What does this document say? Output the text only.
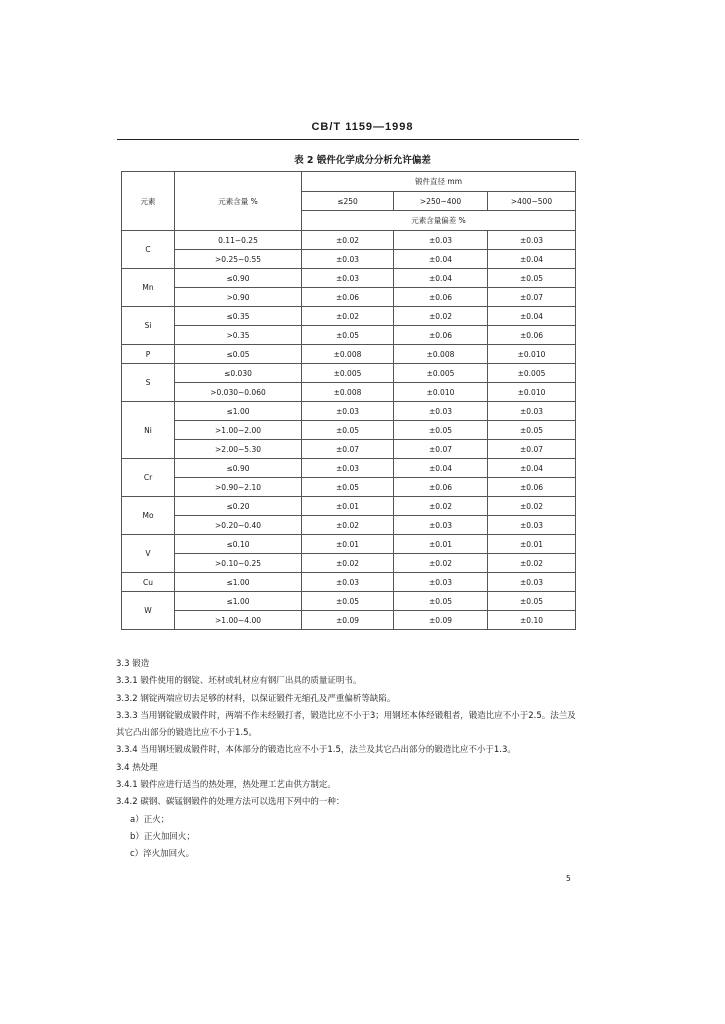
CB/T 1159—1998
表 2 锻件化学成分分析允许偏差
元素	元素含量 %	锻件直径 mm		
		≤250	>250~400	>400~500
		元素含量偏差 %		
C	0.11~0.25	±0.02	±0.03	±0.03
	>0.25~0.55	±0.03	±0.04	±0.04
Mn	≤0.90	±0.03	±0.04	±0.05
	>0.90	±0.06	±0.06	±0.07
Si	≤0.35	±0.02	±0.02	±0.04
	>0.35	±0.05	±0.06	±0.06
P	≤0.05	±0.008	±0.008	±0.010
S	≤0.030	±0.005	±0.005	±0.005
	>0.030~0.060	±0.008	±0.010	±0.010
Ni	≤1.00	±0.03	±0.03	±0.03
	>1.00~2.00	±0.05	±0.05	±0.05
	>2.00~5.30	±0.07	±0.07	±0.07
Cr	≤0.90	±0.03	±0.04	±0.04
	>0.90~2.10	±0.05	±0.06	±0.06
Mo	≤0.20	±0.01	±0.02	±0.02
	>0.20~0.40	±0.02	±0.03	±0.03
V	≤0.10	±0.01	±0.01	±0.01
	>0.10~0.25	±0.02	±0.02	±0.02
Cu	≤1.00	±0.03	±0.03	±0.03
W	≤1.00	±0.05	±0.05	±0.05
	>1.00~4.00	±0.09	±0.09	±0.10

3.3 锻造

3.3.1 锻件使用的钢锭、坯材或轧材应有钢厂出具的质量证明书。

3.3.2 钢锭两端应切去足够的材料，以保证锻件无缩孔及严重偏析等缺陷。

3.3.3 当用钢锭锻成锻件时，两端不作未经锻打者，锻造比应不小于3；用钢坯本体经锻粗者，锻造比应不小于2.5。法兰及其它凸出部分的锻造比应不小于1.5。

3.3.4 当用钢坯锻成锻件时，本体部分的锻造比应不小于1.5，法兰及其它凸出部分的锻造比应不小于1.3。

3.4 热处理

3.4.1 锻件应进行适当的热处理，热处理工艺由供方制定。

3.4.2 碳钢、碳锰钢锻件的处理方法可以选用下列中的一种：

a）正火；

b）正火加回火；

c）淬火加回火。

5
